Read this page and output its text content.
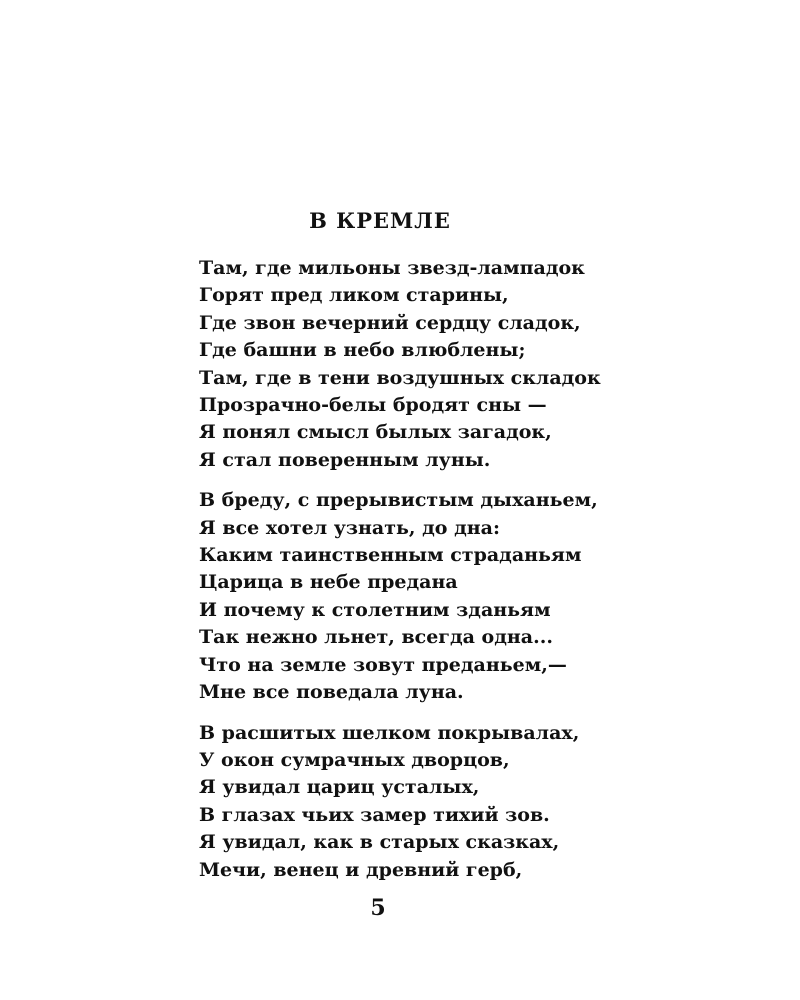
В КРЕМЛЕ
Там, где мильоны звезд-лампадок
Горят пред ликом старины,
Где звон вечерний сердцу сладок,
Где башни в небо влюблены;
Там, где в тени воздушных складок
Прозрачно-белы бродят сны —
Я понял смысл былых загадок,
Я стал поверенным луны.
В бреду, с прерывистым дыханьем,
Я все хотел узнать, до дна:
Каким таинственным страданьям
Царица в небе предана
И почему к столетним зданьям
Так нежно льнет, всегда одна...
Что на земле зовут преданьем,—
Мне все поведала луна.
В расшитых шелком покрывалах,
У окон сумрачных дворцов,
Я увидал цариц усталых,
В глазах чьих замер тихий зов.
Я увидал, как в старых сказках,
Мечи, венец и древний герб,
5
